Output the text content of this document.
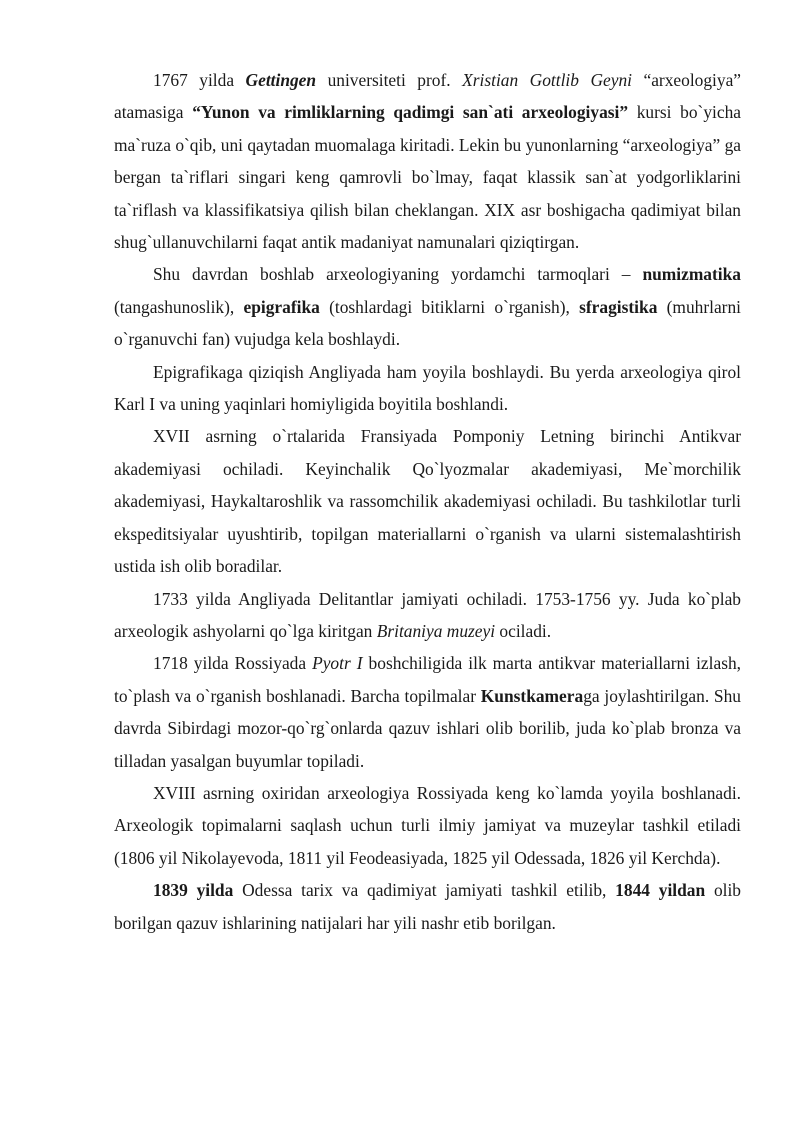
1767 yilda Gettingen universiteti prof. Xristian Gottlib Geyni “arxeologiya” atamasiga “Yunon va rimliklarning qadimgi san`ati arxeologiyasi” kursi bo`yicha ma`ruza o`qib, uni qaytadan muomalaga kiritadi. Lekin bu yunonlarning “arxeologiya” ga bergan ta`riflari singari keng qamrovli bo`lmay, faqat klassik san`at yodgorliklarini ta`riflash va klassifikatsiya qilish bilan cheklangan. XIX asr boshigacha qadimiyat bilan shug`ullanuvchilarni faqat antik madaniyat namunalari qiziqtirgan.

Shu davrdan boshlab arxeologiyaning yordamchi tarmoqlari – numizmatika (tangashunoslik), epigrafika (toshlardagi bitiklarni o`rganish), sfragistika (muhrlarni o`rganuvchi fan) vujudga kela boshlaydi.

Epigrafikaga qiziqish Angliyada ham yoyila boshlaydi. Bu yerda arxeologiya qirol Karl I va uning yaqinlari homiyligida boyitila boshlandi.

XVII asrning o`rtalarida Fransiyada Pomponiy Letning birinchi Antikvar akademiyasi ochiladi. Keyinchalik Qo`lyozmalar akademiyasi, Me`morchilik akademiyasi, Haykaltaroshlik va rassomchilik akademiyasi ochiladi. Bu tashkilotlar turli ekspeditsiyalar uyushtirib, topilgan materiallarni o`rganish va ularni sistemalashtirish ustida ish olib boradilar.

1733 yilda Angliyada Delitantlar jamiyati ochiladi. 1753-1756 yy. Juda ko`plab arxeologik ashyolarni qo`lga kiritgan Britaniya muzeyi ociladi.

1718 yilda Rossiyada Pyotr I boshchiligida ilk marta antikvar materiallarni izlash, to`plash va o`rganish boshlanadi. Barcha topilmalar Kunstkameraga joylashtirilgan. Shu davrda Sibirdagi mozor-qo`rg`onlarda qazuv ishlari olib borilib, juda ko`plab bronza va tilladan yasalgan buyumlar topiladi.

XVIII asrning oxiridan arxeologiya Rossiyada keng ko`lamda yoyila boshlanadi. Arxeologik topimalarni saqlash uchun turli ilmiy jamiyat va muzeylar tashkil etiladi (1806 yil Nikolayevoda, 1811 yil Feodeasiyada, 1825 yil Odessada, 1826 yil Kerchda).

1839 yilda Odessa tarix va qadimiyat jamiyati tashkil etilib, 1844 yildan olib borilgan qazuv ishlarining natijalari har yili nashr etib borilgan.
